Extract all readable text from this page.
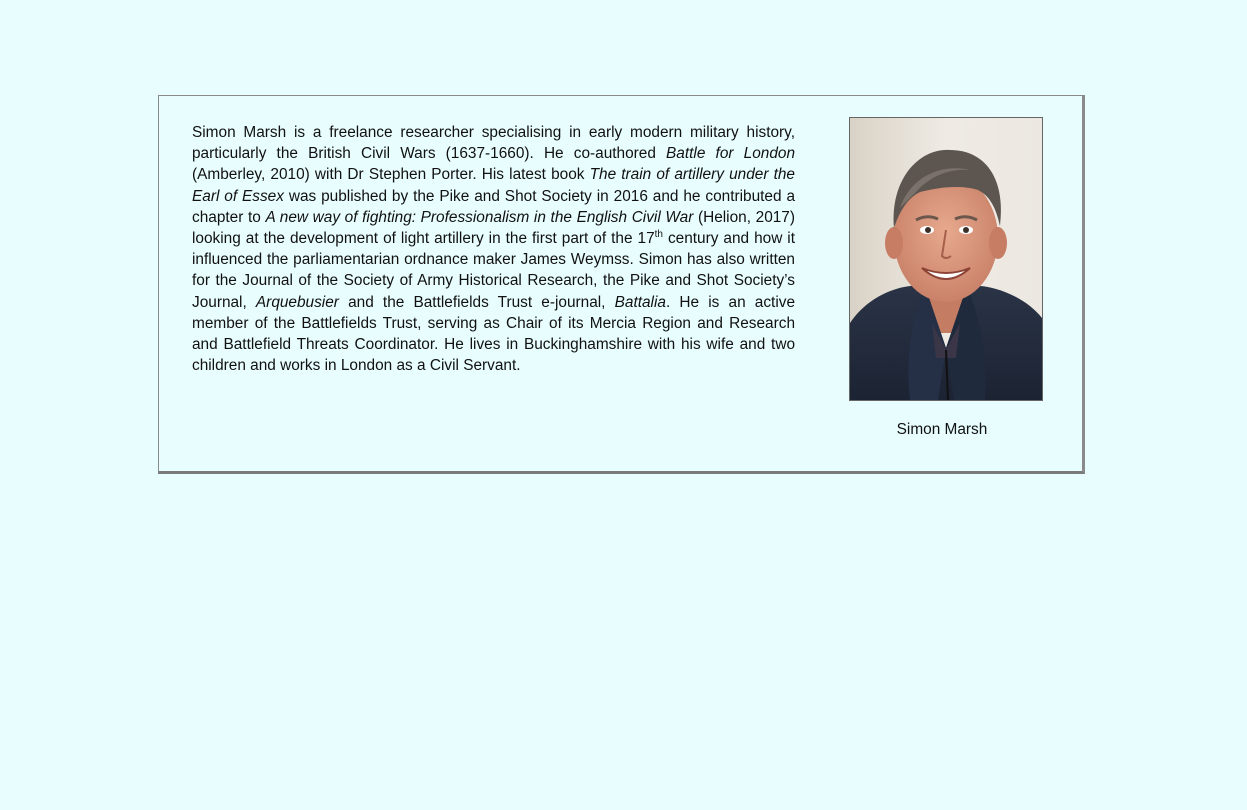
Simon Marsh is a freelance researcher specialising in early modern military history, particularly the British Civil Wars (1637-1660). He co-authored Battle for London (Amberley, 2010) with Dr Stephen Porter. His latest book The train of artillery under the Earl of Essex was published by the Pike and Shot Society in 2016 and he contributed a chapter to A new way of fighting: Professionalism in the English Civil War (Helion, 2017) looking at the development of light artillery in the first part of the 17th century and how it influenced the parliamentarian ordnance maker James Weymss. Simon has also written for the Journal of the Society of Army Historical Research, the Pike and Shot Society’s Journal, Arquebusier and the Battlefields Trust e-journal, Battalia. He is an active member of the Battlefields Trust, serving as Chair of its Mercia Region and Research and Battlefield Threats Coordinator. He lives in Buckinghamshire with his wife and two children and works in London as a Civil Servant.

Simon Marsh
